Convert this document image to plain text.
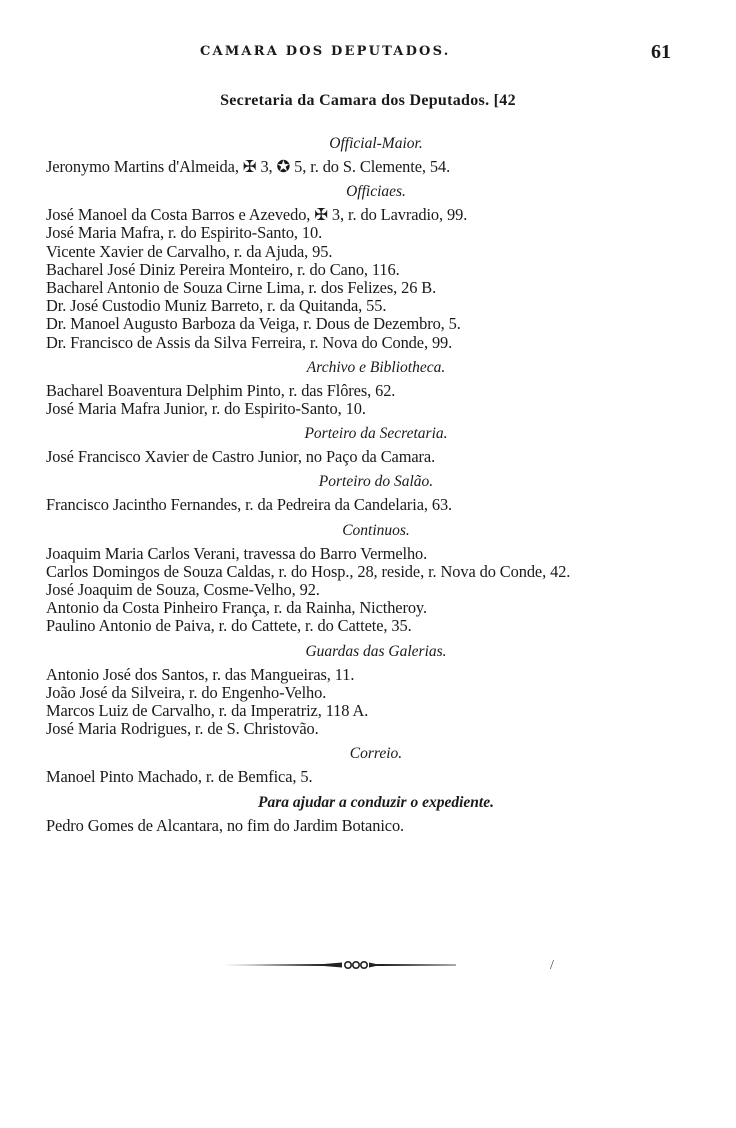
CAMARA DOS DEPUTADOS.	61
Secretaria da Camara dos Deputados. [42
Official-Maior.
Jeronymo Martins d'Almeida, ✠ 3, ✪ 5, r. do S. Clemente, 54.
Officiaes.
José Manoel da Costa Barros e Azevedo, ✠ 3, r. do Lavradio, 99.
José Maria Mafra, r. do Espirito-Santo, 10.
Vicente Xavier de Carvalho, r. da Ajuda, 95.
Bacharel José Diniz Pereira Monteiro, r. do Cano, 116.
Bacharel Antonio de Souza Cirne Lima, r. dos Felizes, 26 B.
Dr. José Custodio Muniz Barreto, r. da Quitanda, 55.
Dr. Manoel Augusto Barboza da Veiga, r. Dous de Dezembro, 5.
Dr. Francisco de Assis da Silva Ferreira, r. Nova do Conde, 99.
Archivo e Bibliotheca.
Bacharel Boaventura Delphim Pinto, r. das Flôres, 62.
José Maria Mafra Junior, r. do Espirito-Santo, 10.
Porteiro da Secretaria.
José Francisco Xavier de Castro Junior, no Paço da Camara.
Porteiro do Salão.
Francisco Jacintho Fernandes, r. da Pedreira da Candelaria, 63.
Continuos.
Joaquim Maria Carlos Verani, travessa do Barro Vermelho.
Carlos Domingos de Souza Caldas, r. do Hosp., 28, reside, r. Nova do Conde, 42.
José Joaquim de Souza, Cosme-Velho, 92.
Antonio da Costa Pinheiro França, r. da Rainha, Nictheroy.
Paulino Antonio de Paiva, r. do Cattete, r. do Cattete, 35.
Guardas das Galerias.
Antonio José dos Santos, r. das Mangueiras, 11.
João José da Silveira, r. do Engenho-Velho.
Marcos Luiz de Carvalho, r. da Imperatriz, 118 A.
José Maria Rodrigues, r. de S. Christovão.
Correio.
Manoel Pinto Machado, r. de Bemfica, 5.
Para ajudar a conduzir o expediente.
Pedro Gomes de Alcantara, no fim do Jardim Botanico.
/
